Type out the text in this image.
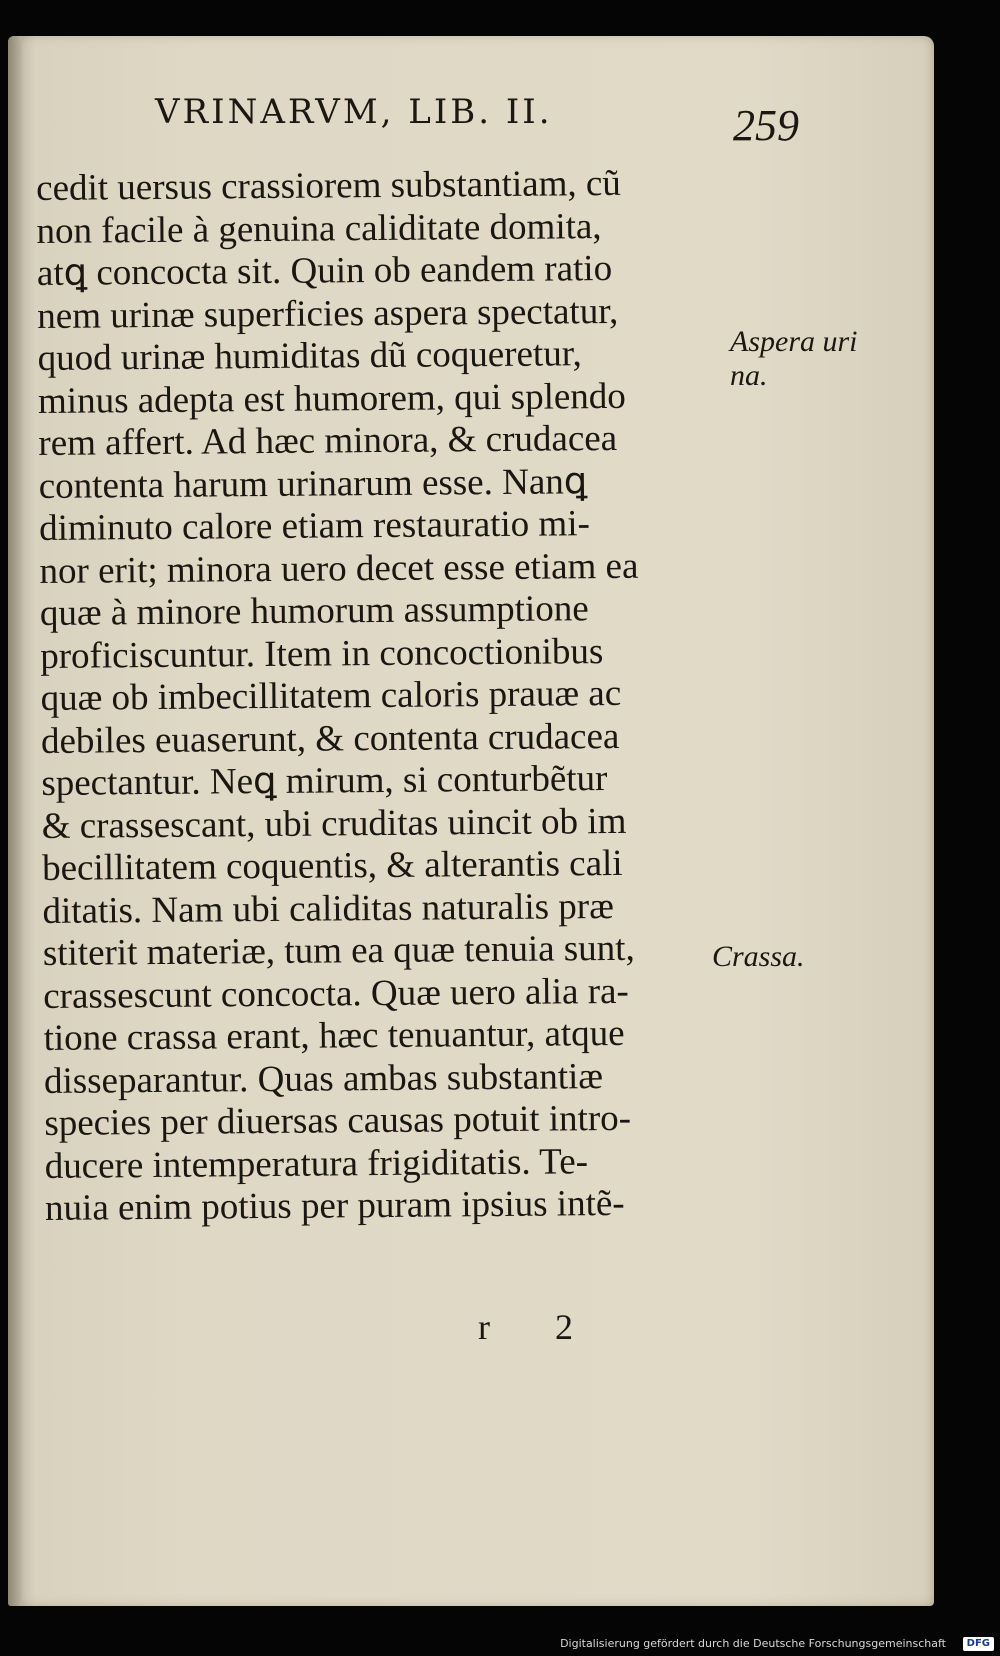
VRINARVM, LIB. II.	259
cedit uersus crassiorem substantiam, cũ
non facile à genuina caliditate domita,
atꝗ concocta sit. Quin ob eandem ratio
nem urinæ superficies aspera spectatur,
quod urinæ humiditas dũ coqueretur,
minus adepta est humorem, qui splendo
rem affert. Ad hæc minora, & crudacea
contenta harum urinarum esse. Nanꝗ
diminuto calore etiam restauratio mi-
nor erit; minora uero decet esse etiam ea
quæ à minore humorum assumptione
proficiscuntur. Item in concoctionibus
quæ ob imbecillitatem caloris prauæ ac
debiles euaserunt, & contenta crudacea
spectantur. Neꝗ mirum, si conturbẽtur
& crassescant, ubi cruditas uincit ob im
becillitatem coquentis, & alterantis cali
ditatis. Nam ubi caliditas naturalis præ
stiterit materiæ, tum ea quæ tenuia sunt,
crassescunt concocta. Quæ uero alia ra-
tione crassa erant, hæc tenuantur, atque
disseparantur. Quas ambas substantiæ
species per diuersas causas potuit intro-
ducere intemperatura frigiditatis. Te-
nuia enim potius per puram ipsius intẽ-
Aspera uri
na.
Crassa.
r 2
Digitalisierung gefördert durch die Deutsche Forschungsgemeinschaft	DFG
